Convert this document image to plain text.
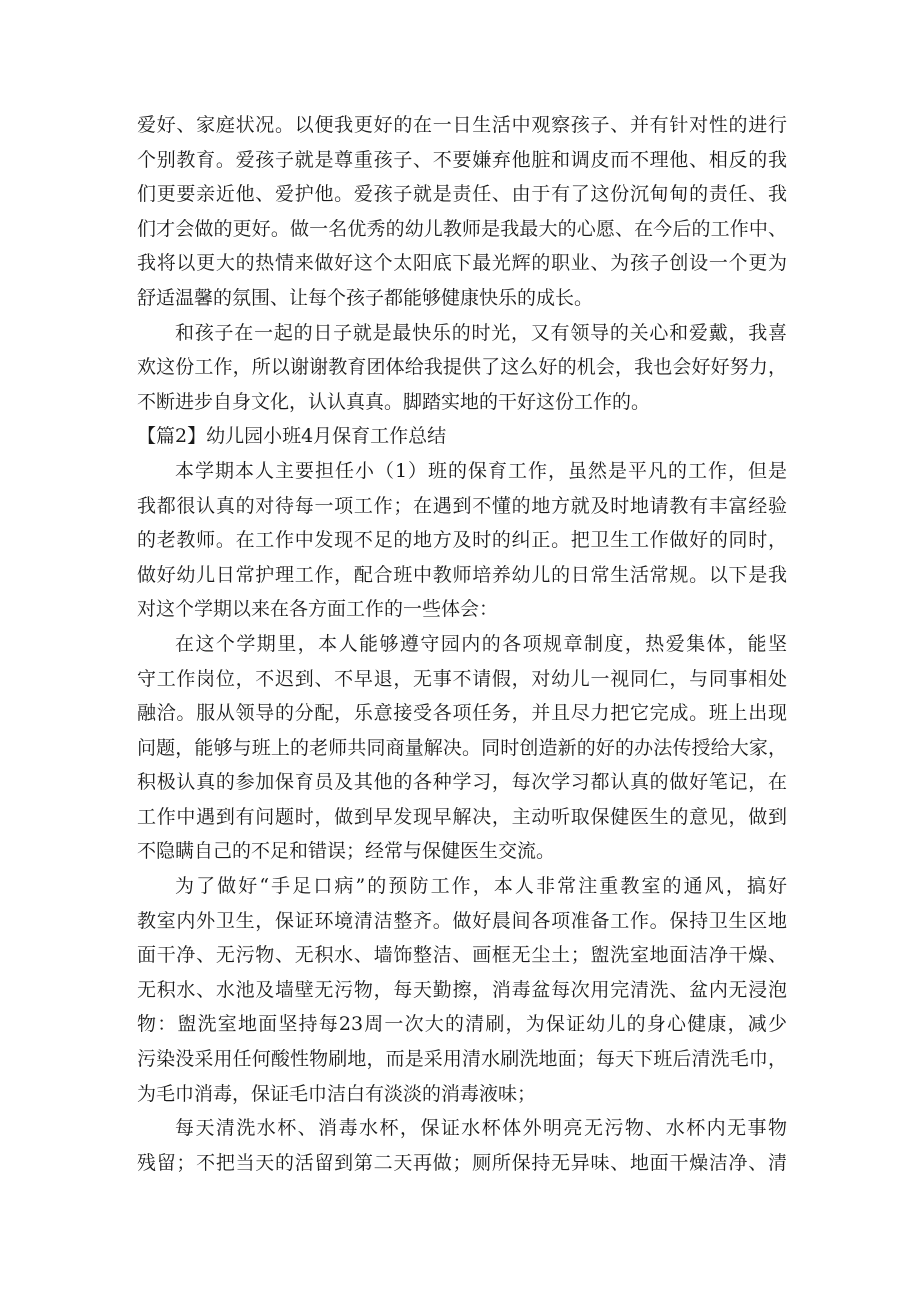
爱好、家庭状况。以便我更好的在一日生活中观察孩子、并有针对性的进行
个别教育。爱孩子就是尊重孩子、不要嫌弃他脏和调皮而不理他、相反的我
们更要亲近他、爱护他。爱孩子就是责任、由于有了这份沉甸甸的责任、我
们才会做的更好。做一名优秀的幼儿教师是我最大的心愿、在今后的工作中、
我将以更大的热情来做好这个太阳底下最光辉的职业、为孩子创设一个更为
舒适温馨的氛围、让每个孩子都能够健康快乐的成长。
和孩子在一起的日子就是最快乐的时光，又有领导的关心和爱戴，我喜
欢这份工作，所以谢谢教育团体给我提供了这么好的机会，我也会好好努力，
不断进步自身文化，认认真真。脚踏实地的干好这份工作的。
【篇2】幼儿园小班4月保育工作总结
本学期本人主要担任小（1）班的保育工作，虽然是平凡的工作，但是
我都很认真的对待每一项工作；在遇到不懂的地方就及时地请教有丰富经验
的老教师。在工作中发现不足的地方及时的纠正。把卫生工作做好的同时，
做好幼儿日常护理工作，配合班中教师培养幼儿的日常生活常规。以下是我
对这个学期以来在各方面工作的一些体会：
在这个学期里，本人能够遵守园内的各项规章制度，热爱集体，能坚
守工作岗位，不迟到、不早退，无事不请假，对幼儿一视同仁，与同事相处
融洽。服从领导的分配，乐意接受各项任务，并且尽力把它完成。班上出现
问题，能够与班上的老师共同商量解决。同时创造新的好的办法传授给大家，
积极认真的参加保育员及其他的各种学习，每次学习都认真的做好笔记，在
工作中遇到有问题时，做到早发现早解决，主动听取保健医生的意见，做到
不隐瞒自己的不足和错误；经常与保健医生交流。
为了做好“手足口病”的预防工作，本人非常注重教室的通风，搞好
教室内外卫生，保证环境清洁整齐。做好晨间各项准备工作。保持卫生区地
面干净、无污物、无积水、墙饰整洁、画框无尘土；盥洗室地面洁净干燥、
无积水、水池及墙壁无污物，每天勤擦，消毒盆每次用完清洗、盆内无浸泡
物：盥洗室地面坚持每23周一次大的清刷，为保证幼儿的身心健康，减少
污染没采用任何酸性物刷地，而是采用清水刷洗地面；每天下班后清洗毛巾，
为毛巾消毒，保证毛巾洁白有淡淡的消毒液味；
每天清洗水杯、消毒水杯，保证水杯体外明亮无污物、水杯内无事物
残留；不把当天的活留到第二天再做；厕所保持无异味、地面干燥洁净、清
